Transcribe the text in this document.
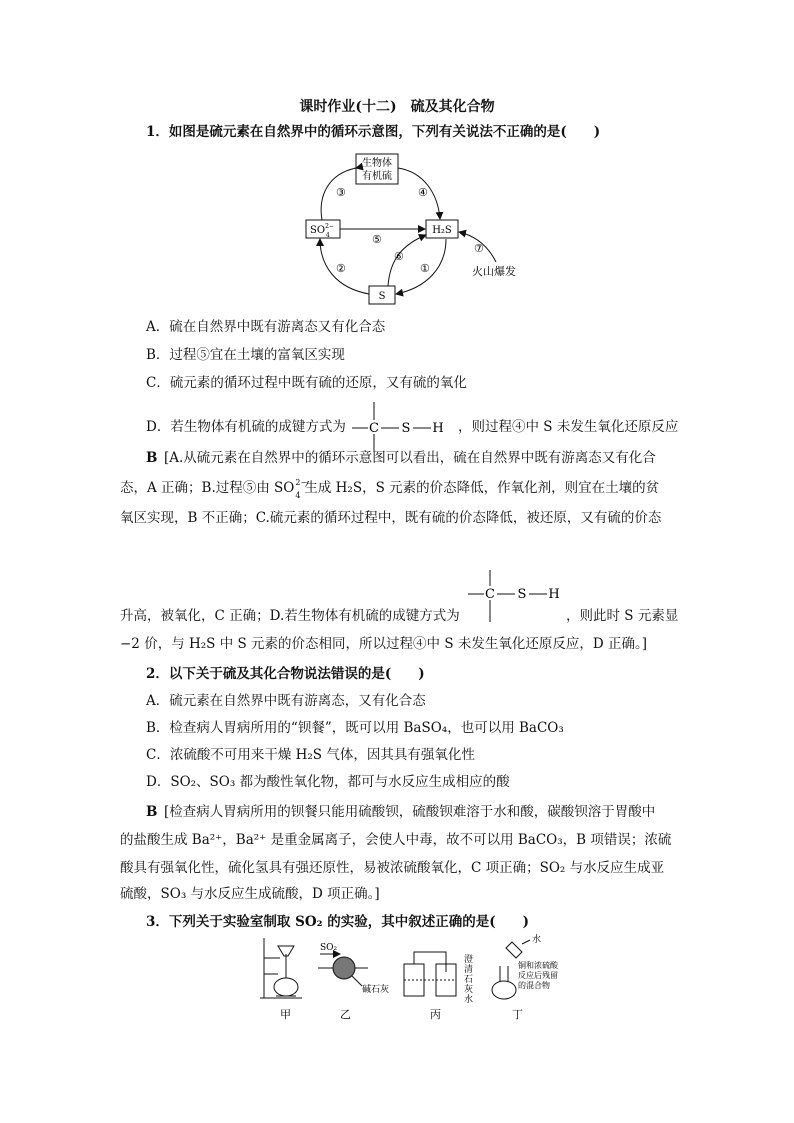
课时作业(十二)　硫及其化合物
1．如图是硫元素在自然界中的循环示意图，下列有关说法不正确的是(　　)
生物体
有机硫
$SO^{2-}$ 4	H₂S
S
③	④
⑤
⑥
①
②
⑦
火山爆发
A．硫在自然界中既有游离态又有化合态
B．过程⑤宜在土壤的富氧区实现
C．硫元素的循环过程中既有硫的还原，又有硫的氧化
C S H
D．若生物体有机硫的成键方式为	，则过程④中 S 未发生氧化还原反应
B [A.从硫元素在自然界中的循环示意图可以看出，硫在自然界中既有游离态又有化合
态，A 正确；B.过程⑤由 SO 2−
4 生成 H₂S，S 元素的价态降低，作氧化剂，则宜在土壤的贫
氧区实现，B 不正确；C.硫元素的循环过程中，既有硫的价态降低，被还原，又有硫的价态
C S H
升高，被氧化，C 正确；D.若生物体有机硫的成键方式为	，则此时 S 元素显
−2 价，与 H₂S 中 S 元素的价态相同，所以过程④中 S 未发生氧化还原反应，D 正确。]
2．以下关于硫及其化合物说法错误的是(　　)
A．硫元素在自然界中既有游离态，又有化合态
B．检查病人胃病所用的“钡餐”，既可以用 BaSO₄，也可以用 BaCO₃
C．浓硫酸不可用来干燥 H₂S 气体，因其具有强氧化性
D．SO₂、SO₃ 都为酸性氧化物，都可与水反应生成相应的酸
B [检查病人胃病所用的钡餐只能用硫酸钡，硫酸钡难溶于水和酸，碳酸钡溶于胃酸中
的盐酸生成 Ba²⁺，Ba²⁺ 是重金属离子，会使人中毒，故不可以用 BaCO₃，B 项错误；浓硫
酸具有强氧化性，硫化氢具有强还原性，易被浓硫酸氧化，C 项正确；SO₂ 与水反应生成亚
硫酸，SO₃ 与水反应生成硫酸，D 项正确。]
3．下列关于实验室制取 SO₂ 的实验，其中叙述正确的是(　　)
SO₂
碱石灰
澄
清
石
灰
水
水
铜和浓硫酸
反应后残留
的混合物
甲	乙	丙	丁
